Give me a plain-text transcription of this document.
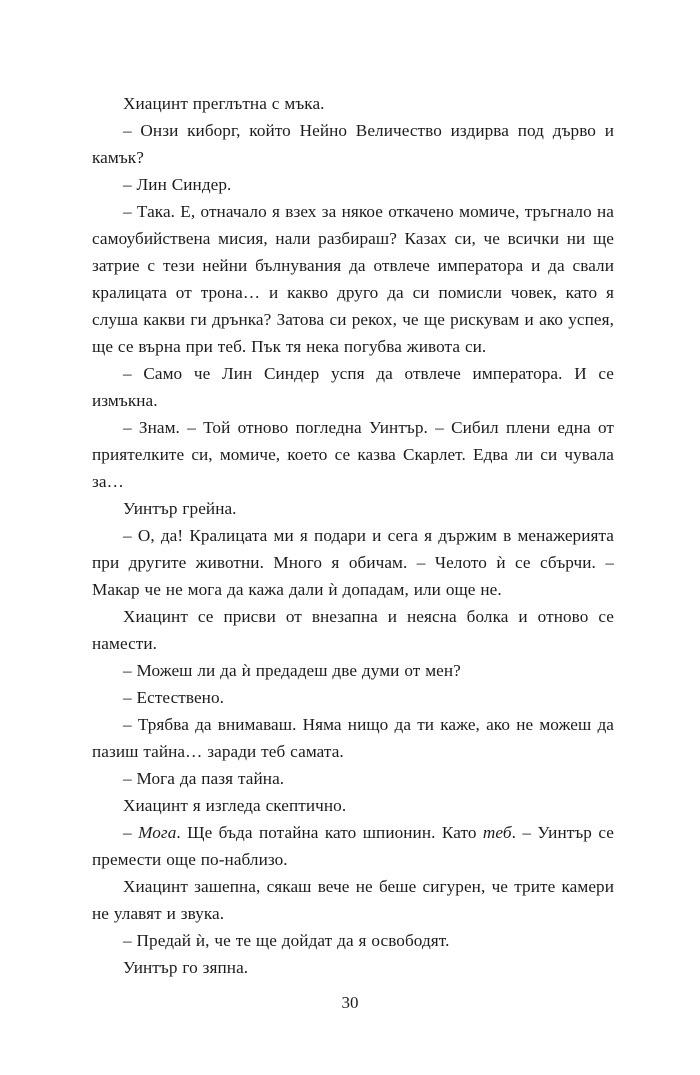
Хиацинт преглътна с мъка.

– Онзи киборг, който Нейно Величество издирва под дърво и камък?

– Лин Синдер.

– Така. Е, отначало я взех за някое откачено момиче, тръгнало на самоубийствена мисия, нали разбираш? Казах си, че всички ни ще затрие с тези нейни бълнувания да отвлече императора и да свали кралицата от трона… и какво друго да си помисли човек, като я слуша какви ги дрънка? Затова си рекох, че ще рискувам и ако успея, ще се върна при теб. Пък тя нека погубва живота си.

– Само че Лин Синдер успя да отвлече императора. И се измъкна.

– Знам. – Той отново погледна Уинтър. – Сибил плени една от приятелките си, момиче, което се казва Скарлет. Едва ли си чувала за…

Уинтър грейна.

– О, да! Кралицата ми я подари и сега я държим в менажерията при другите животни. Много я обичам. – Челото ѝ се сбърчи. – Макар че не мога да кажа дали ѝ допадам, или още не.

Хиацинт се присви от внезапна и неясна болка и отново се намести.

– Можеш ли да ѝ предадеш две думи от мен?

– Естествено.

– Трябва да внимаваш. Няма нищо да ти каже, ако не можеш да пазиш тайна… заради теб самата.

– Мога да пазя тайна.

Хиацинт я изгледа скептично.

– Мога. Ще бъда потайна като шпионин. Като теб. – Уинтър се премести още по-наблизо.

Хиацинт зашепна, сякаш вече не беше сигурен, че трите камери не улавят и звука.

– Предай ѝ, че те ще дойдат да я освободят.

Уинтър го зяпна.

30
